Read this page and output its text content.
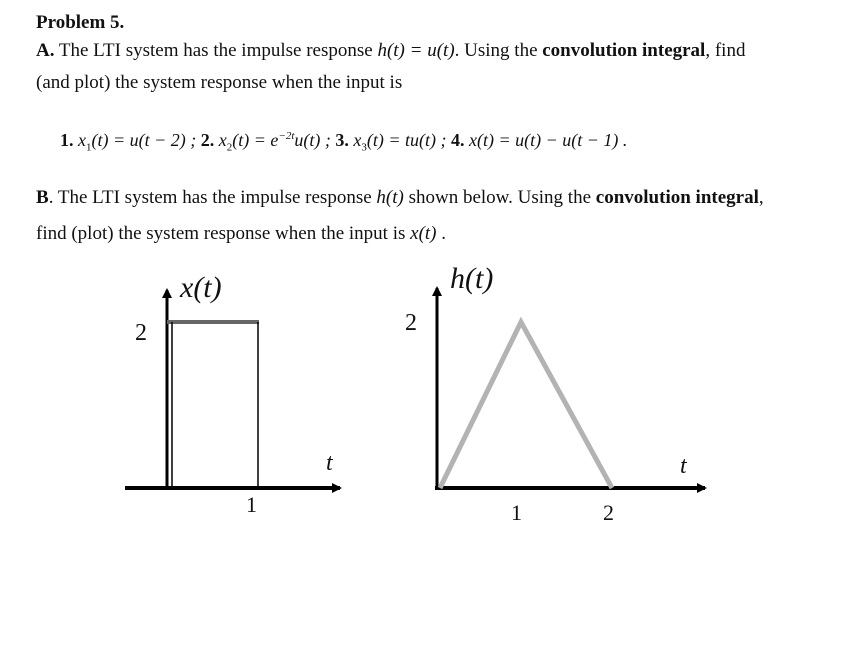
Problem 5.
A. The LTI system has the impulse response h(t) = u(t). Using the convolution integral, find
(and plot) the system response when the input is
1. $x_1(t) = u(t - 2)$ ; 2. $x_2(t) = e^{-2t}u(t)$ ; 3. $x_3(t) = tu(t)$ ; 4. x(t) = u(t) − u(t − 1) .
B. The LTI system has the impulse response h(t) shown below. Using the convolution integral,
find (plot) the system response when the input is x(t) .
x(t)
2
1
t
h(t)
2
1	2
t
